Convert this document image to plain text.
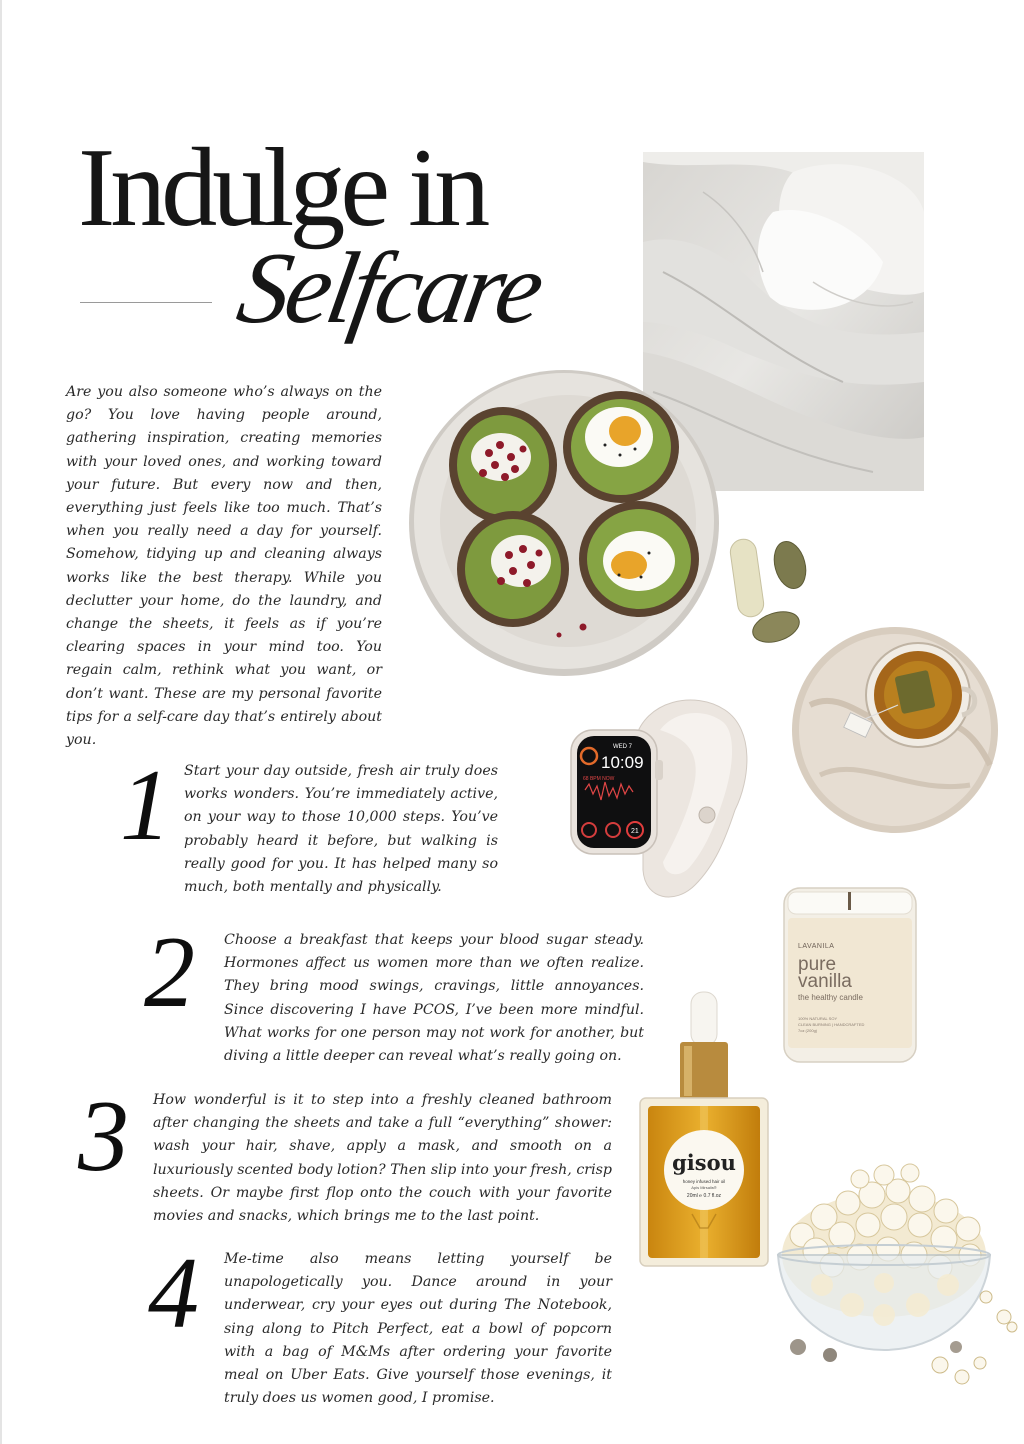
Indulge in
Selfcare

Are you also someone who’s always on the go? You love having people around, gathering inspiration, creating memories with your loved ones, and working toward your future. But every now and then, everything just feels like too much. That’s when you really need a day for yourself. Somehow, tidying up and cleaning always works like the best therapy. While you declutter your home, do the laundry, and change the sheets, it feels as if you’re clearing spaces in your mind too. You regain calm, rethink what you want, or don’t want. These are my personal favorite tips for a self-care day that’s entirely about you.	WED 7
10:09
68 BPM NOW
21
LAVANILA
pure
vanilla
the healthy candle
100% NATURAL SOY
CLEAN BURNING | HANDCRAFTED
7oz (200g)
gisou
honey infused hair oil
Apis Mirsalis®
20ml ℮ 0.7 fl.oz
1 Start your day outside, fresh air truly does works wonders. You’re immediately active, on your way to those 10,000 steps. You’ve probably heard it before, but walking is really good for you. It has helped many so much, both mentally and physically.

2 Choose a breakfast that keeps your blood sugar steady. Hormones affect us women more than we often realize. They bring mood swings, cravings, little annoyances. Since discovering I have PCOS, I’ve been more mindful. What works for one person may not work for another, but diving a little deeper can reveal what’s really going on.

3 How wonderful is it to step into a freshly cleaned bathroom after changing the sheets and take a full “everything” shower: wash your hair, shave, apply a mask, and smooth on a luxuriously scented body lotion? Then slip into your fresh, crisp sheets. Or maybe first flop onto the couch with your favorite movies and snacks, which brings me to the last point.

4 Me-time also means letting yourself be unapologetically you. Dance around in your underwear, cry your eyes out during The Notebook, sing along to Pitch Perfect, eat a bowl of popcorn with a bag of M&Ms after ordering your favorite meal on Uber Eats. Give yourself those evenings, it truly does us women good, I promise.
